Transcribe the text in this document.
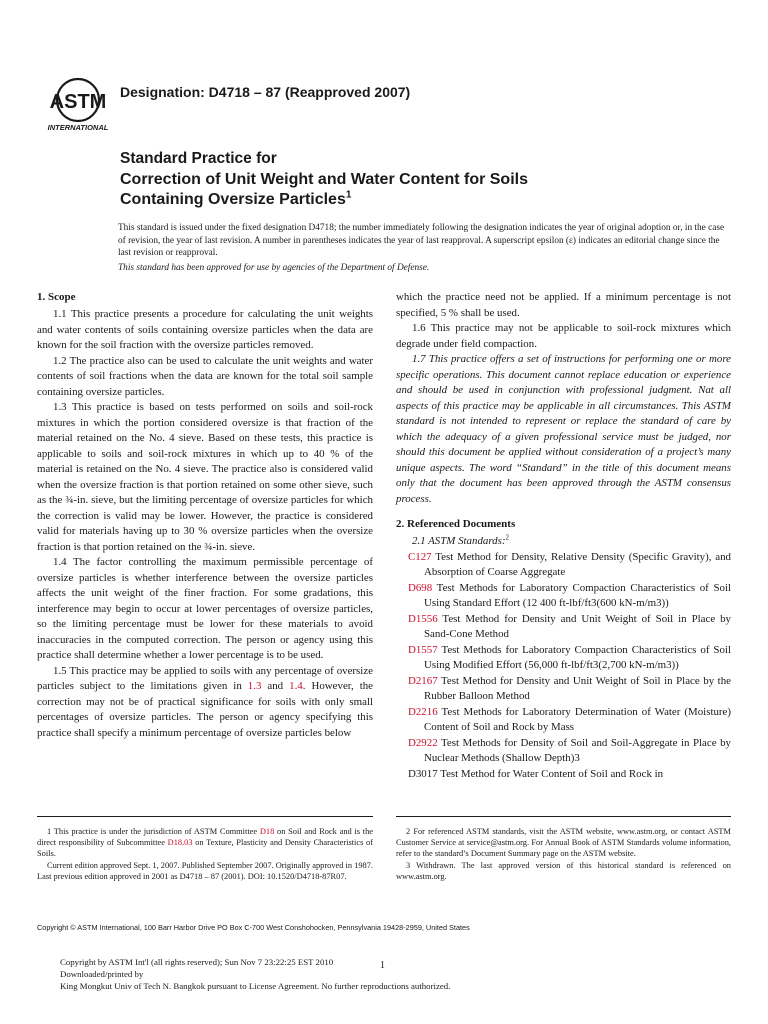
ASTM
INTERNATIONAL
Designation: D4718 – 87 (Reapproved 2007)
Standard Practice for
Correction of Unit Weight and Water Content for Soils
Containing Oversize Particles$^1$
This standard is issued under the fixed designation D4718; the number immediately following the designation indicates the year of original adoption or, in the case of revision, the year of last revision. A number in parentheses indicates the year of last reapproval. A superscript epsilon (ε) indicates an editorial change since the last revision or reapproval.
This standard has been approved for use by agencies of the Department of Defense.
1. Scope

1.1 This practice presents a procedure for calculating the unit weights and water contents of soils containing oversize particles when the data are known for the soil fraction with the oversize particles removed.

1.2 The practice also can be used to calculate the unit weights and water contents of soil fractions when the data are known for the total soil sample containing oversize particles.

1.3 This practice is based on tests performed on soils and soil-rock mixtures in which the portion considered oversize is that fraction of the material retained on the No. 4 sieve. Based on these tests, this practice is applicable to soils and soil-rock mixtures in which up to 40 % of the material is retained on the No. 4 sieve. The practice also is considered valid when the oversize fraction is that portion retained on some other sieve, such as the ¾-in. sieve, but the limiting percentage of oversize particles for which the correction is valid may be lower. However, the practice is considered valid for materials having up to 30 % oversize particles when the oversize fraction is that portion retained on the ¾-in. sieve.

1.4 The factor controlling the maximum permissible percentage of oversize particles is whether interference between the oversize particles affects the unit weight of the finer fraction. For some gradations, this interference may begin to occur at lower percentages of oversize particles, so the limiting percentage must be lower for these materials to avoid inaccuracies in the computed correction. The person or agency using this practice shall determine whether a lower percentage is to be used.

1.5 This practice may be applied to soils with any percentage of oversize particles subject to the limitations given in 1.3 and 1.4. However, the correction may not be of practical significance for soils with only small percentages of oversize particles. The person or agency specifying this practice shall specify a minimum percentage of oversize particles below

which the practice need not be applied. If a minimum percentage is not specified, 5 % shall be used.

1.6 This practice may not be applicable to soil-rock mixtures which degrade under field compaction.

1.7 This practice offers a set of instructions for performing one or more specific operations. This document cannot replace education or experience and should be used in conjunction with professional judgment. Nat all aspects of this practice may be applicable in all circumstances. This ASTM standard is not intended to represent or replace the standard of care by which the adequacy of a given professional service must be judged, nor should this document be applied without consideration of a project’s many unique aspects. The word “Standard” in the title of this document means only that the document has been approved through the ASTM consensus process.

2. Referenced Documents

2.1 ASTM Standards:$^2$

C127 Test Method for Density, Relative Density (Specific Gravity), and Absorption of Coarse Aggregate
D698 Test Methods for Laboratory Compaction Characteristics of Soil Using Standard Effort (12 400 ft-lbf/ft3(600 kN-m/m3))
D1556 Test Method for Density and Unit Weight of Soil in Place by Sand-Cone Method
D1557 Test Methods for Laboratory Compaction Characteristics of Soil Using Modified Effort (56,000 ft-lbf/ft3(2,700 kN-m/m3))
D2167 Test Method for Density and Unit Weight of Soil in Place by the Rubber Balloon Method
D2216 Test Methods for Laboratory Determination of Water (Moisture) Content of Soil and Rock by Mass
D2922 Test Methods for Density of Soil and Soil-Aggregate in Place by Nuclear Methods (Shallow Depth)3
D3017 Test Method for Water Content of Soil and Rock in

1 This practice is under the jurisdiction of ASTM Committee D18 on Soil and Rock and is the direct responsibility of Subcommittee D18.03 on Texture, Plasticity and Density Characteristics of Soils.

Current edition approved Sept. 1, 2007. Published September 2007. Originally approved in 1987. Last previous edition approved in 2001 as D4718 – 87 (2001). DOI: 10.1520/D4718-87R07.

2 For referenced ASTM standards, visit the ASTM website, www.astm.org, or contact ASTM Customer Service at service@astm.org. For Annual Book of ASTM Standards volume information, refer to the standard’s Document Summary page on the ASTM website.

3 Withdrawn. The last approved version of this historical standard is referenced on www.astm.org.

Copyright © ASTM International, 100 Barr Harbor Drive PO Box C-700 West Conshohocken, Pennsylvania 19428-2959, United States
Copyright by ASTM Int'l (all rights reserved); Sun Nov 7 23:22:25 EST 2010
Downloaded/printed by
King Mongkut Univ of Tech N. Bangkok pursuant to License Agreement. No further reproductions authorized.
1
